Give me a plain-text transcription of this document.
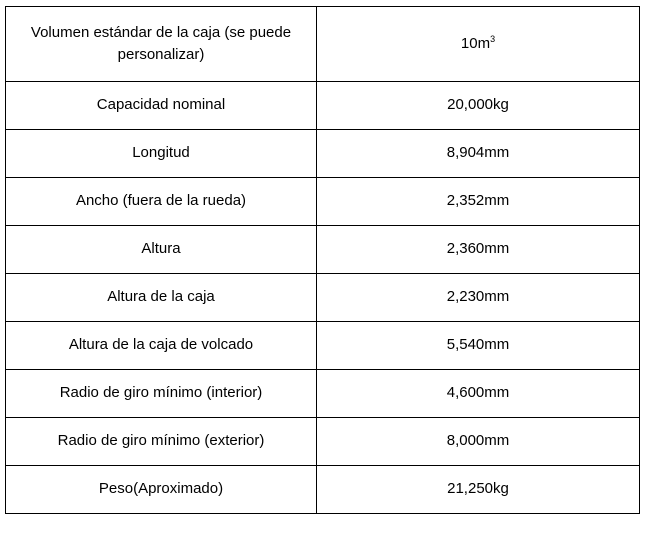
Volumen estándar de la caja (se puede personalizar)	$10m^3$
Capacidad nominal	20,000kg
Longitud	8,904mm
Ancho (fuera de la rueda)	2,352mm
Altura	2,360mm
Altura de la caja	2,230mm
Altura de la caja de volcado	5,540mm
Radio de giro mínimo (interior)	4,600mm
Radio de giro mínimo (exterior)	8,000mm
Peso(Aproximado)	21,250kg
